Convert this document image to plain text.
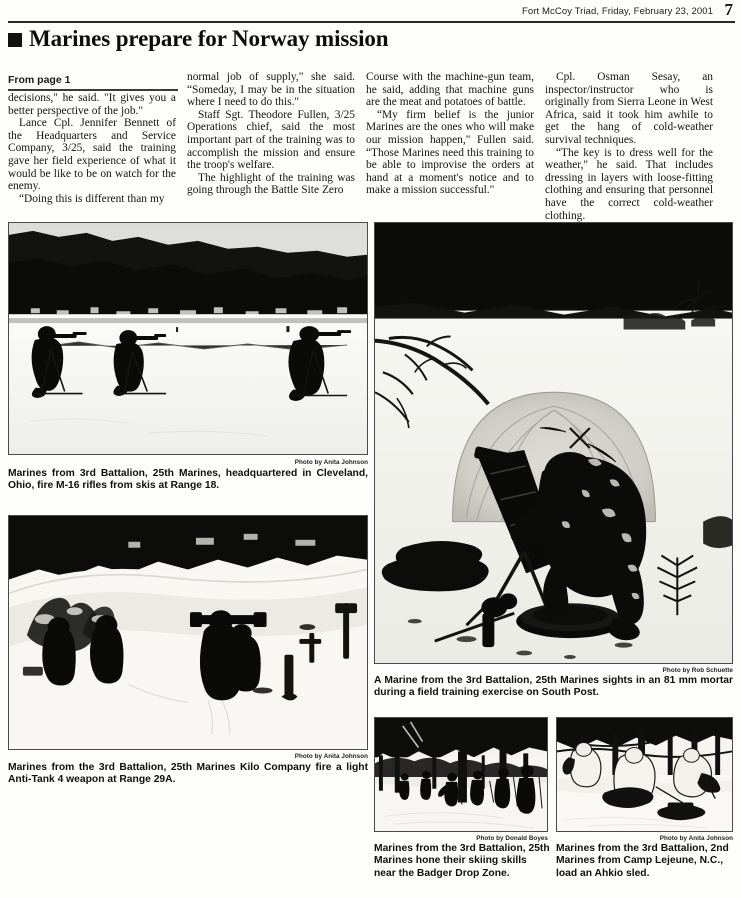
Fort McCoy Triad, Friday, February 23, 2001 7
Marines prepare for Norway mission
From page 1

decisions," he said. "It gives you a better perspective of the job."

Lance Cpl. Jennifer Bennett of the Headquarters and Service Company, 3/25, said the training gave her field experience of what it would be like to be on watch for the enemy.

“Doing this is different than my

normal job of supply," she said. “Someday, I may be in the situation where I need to do this."

Staff Sgt. Theodore Fullen, 3/25 Operations chief, said the most important part of the training was to accomplish the mission and ensure the troop's welfare.

The highlight of the training was going through the Battle Site Zero

Course with the machine-gun team, he said, adding that machine guns are the meat and potatoes of battle.

“My firm belief is the junior Marines are the ones who will make our mission happen," Fullen said. “Those Marines need this training to be able to improvise the orders at hand at a moment's notice and to make a mission successful."

Cpl. Osman Sesay, an inspector/instructor who is originally from Sierra Leone in West Africa, said it took him awhile to get the hang of cold-weather survival techniques.

“The key is to dress well for the weather," he said. That includes dressing in layers with loose-fitting clothing and ensuring that personnel have the correct cold-weather clothing.

Photo by Anita Johnson
Marines from 3rd Battalion, 25th Marines, headquartered in Cleveland, Ohio, fire M-16 rifles from skis at Range 18.
Photo by Rob Schuette
A Marine from the 3rd Battalion, 25th Marines sights in an 81 mm mortar during a field training exercise on South Post.
Photo by Anita Johnson
Marines from the 3rd Battalion, 25th Marines Kilo Company fire a light Anti-Tank 4 weapon at Range 29A.
Photo by Donald Boyes
Marines from the 3rd Battalion, 25th Marines hone their skiing skills near the Badger Drop Zone.
Photo by Anita Johnson
Marines from the 3rd Battalion, 2nd Marines from Camp Lejeune, N.C., load an Ahkio sled.
